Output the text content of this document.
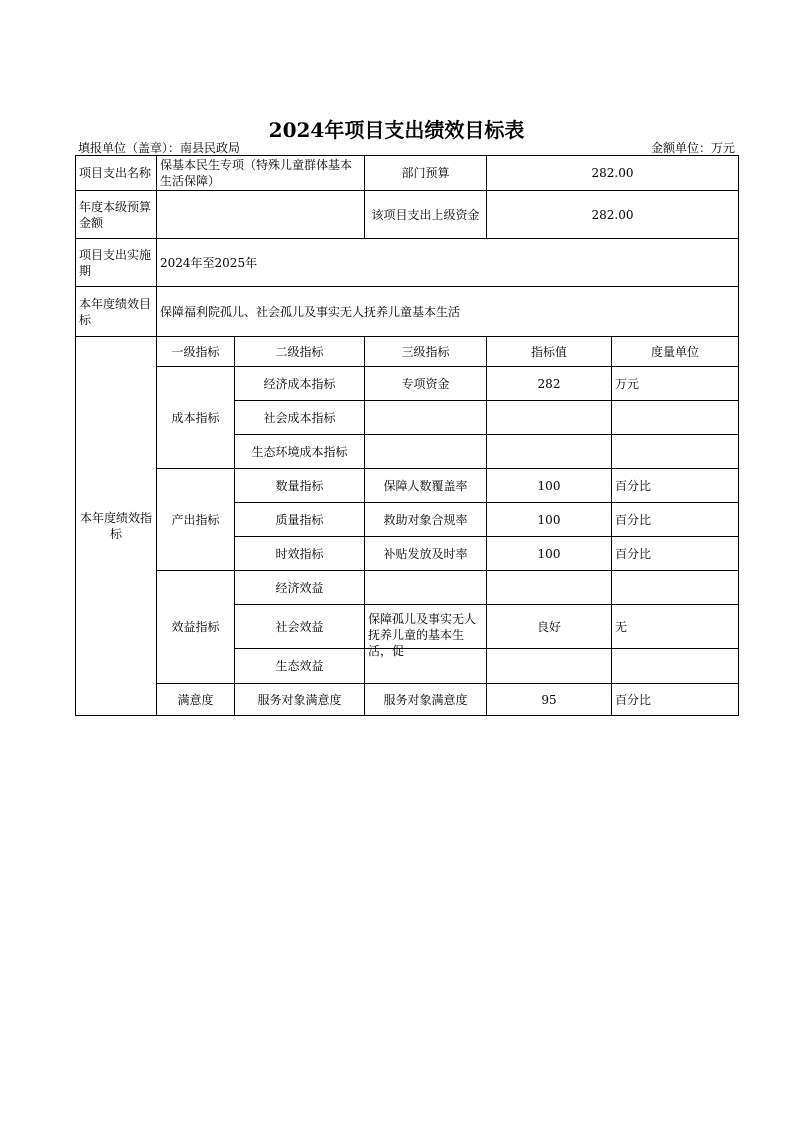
2024年项目支出绩效目标表
填报单位（盖章）：南县民政局	金额单位：万元
项目支出名称	保基本民生专项（特殊儿童群体基本生活保障）		部门预算	282.00	
年度本级预算金额			该项目支出上级资金	282.00	
项目支出实施期	2024年至2025年				
本年度绩效目标	保障福利院孤儿、社会孤儿及事实无人抚养儿童基本生活				
本年度绩效指标	一级指标	二级指标	三级指标	指标值	度量单位
	成本指标	经济成本指标	专项资金	282	万元
		社会成本指标			
		生态环境成本指标			
	产出指标	数量指标	保障人数覆盖率	100	百分比
		质量指标	救助对象合规率	100	百分比
		时效指标	补贴发放及时率	100	百分比
	效益指标	经济效益			
		社会效益	保障孤儿及事实无人抚养儿童的基本生活，促	良好	无
		生态效益			
	满意度	服务对象满意度	服务对象满意度	95	百分比
